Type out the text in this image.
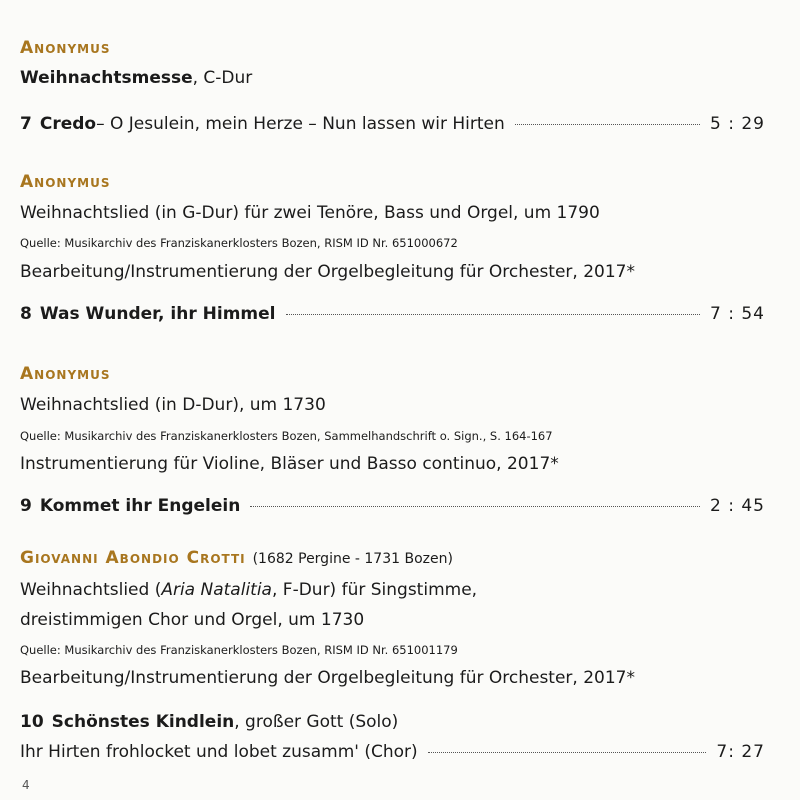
Anonymus
Weihnachtsmesse, C-Dur
7 Credo – O Jesulein, mein Herze – Nun lassen wir Hirten	5 : 29
Anonymus
Weihnachtslied (in G-Dur) für zwei Tenöre, Bass und Orgel, um 1790
Quelle: Musikarchiv des Franziskanerklosters Bozen, RISM ID Nr. 651000672
Bearbeitung/Instrumentierung der Orgelbegleitung für Orchester, 2017*
8 Was Wunder, ihr Himmel	7 : 54
Anonymus
Weihnachtslied (in D-Dur), um 1730
Quelle: Musikarchiv des Franziskanerklosters Bozen, Sammelhandschrift o. Sign., S. 164-167
Instrumentierung für Violine, Bläser und Basso continuo, 2017*
9 Kommet ihr Engelein	2 : 45
Giovanni Abondio Crotti (1682 Pergine - 1731 Bozen)
Weihnachtslied (Aria Natalitia, F-Dur) für Singstimme,
dreistimmigen Chor und Orgel, um 1730
Quelle: Musikarchiv des Franziskanerklosters Bozen, RISM ID Nr. 651001179
Bearbeitung/Instrumentierung der Orgelbegleitung für Orchester, 2017*
10 Schönstes Kindlein , großer Gott (Solo)
Ihr Hirten frohlocket und lobet zusamm' (Chor)	7: 27
4
